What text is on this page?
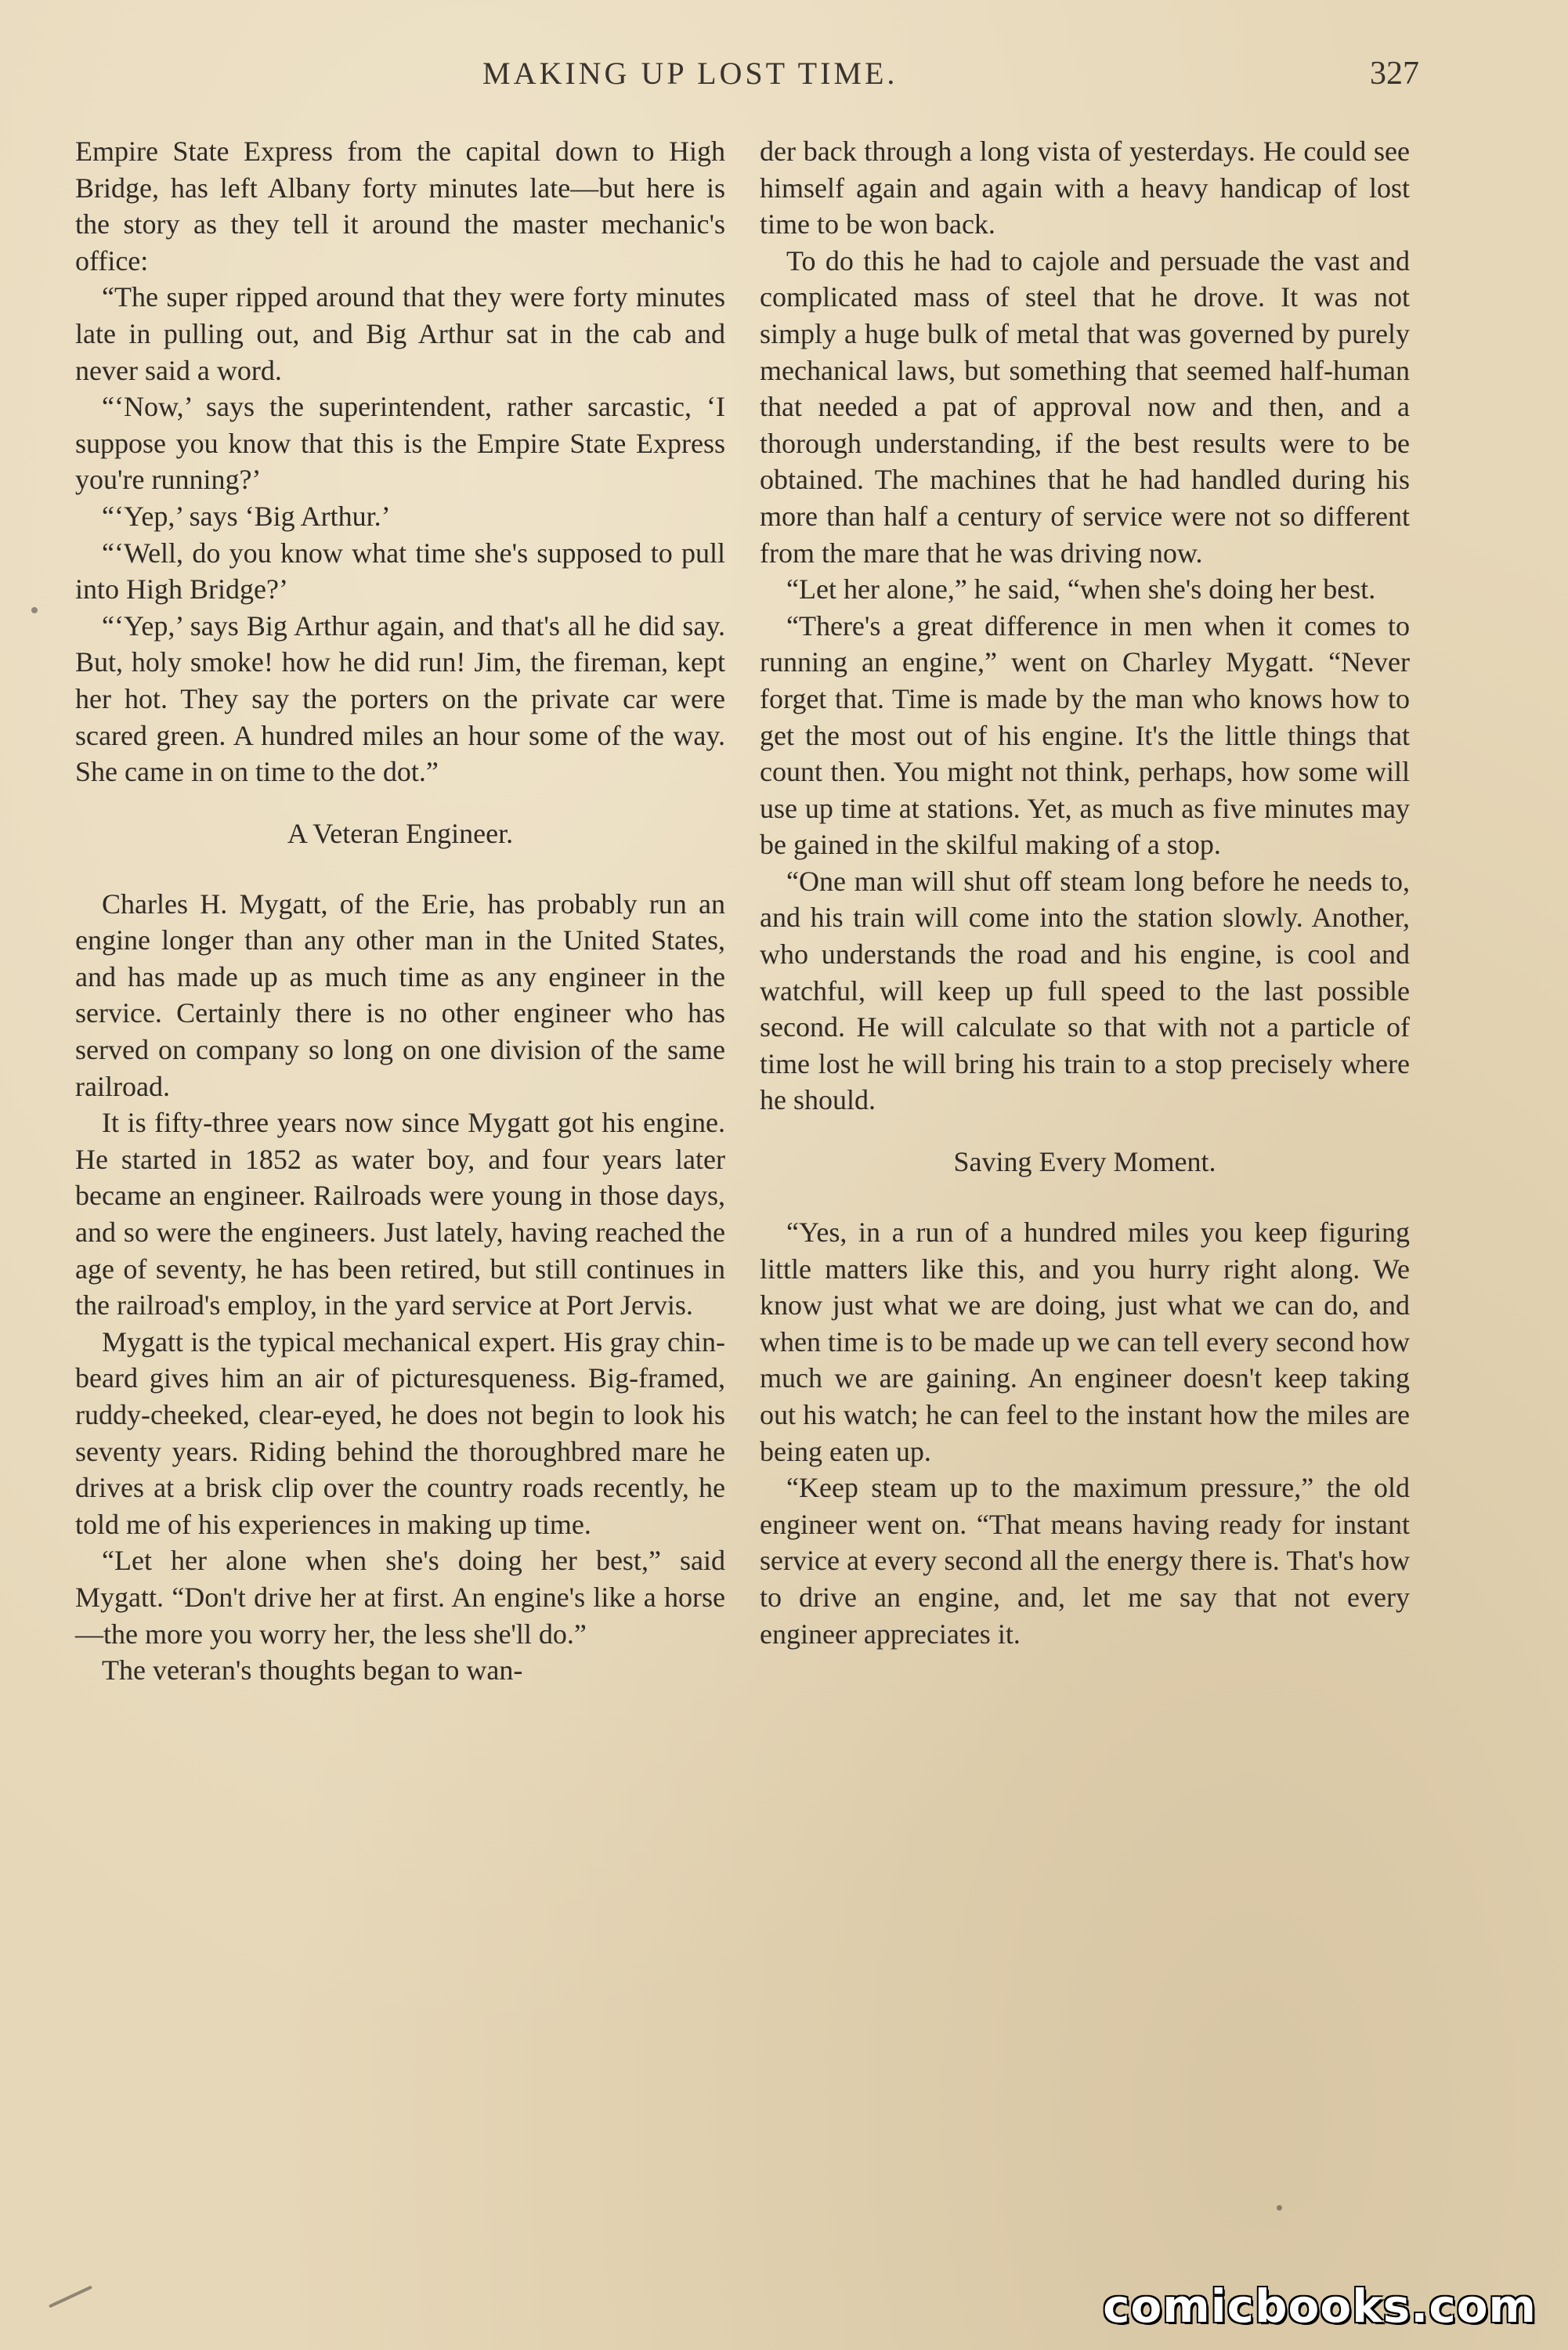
MAKING UP LOST TIME.	327

Empire State Express from the capital down to High Bridge, has left Albany forty minutes late—but here is the story as they tell it around the master mechanic's office:

“The super ripped around that they were forty minutes late in pulling out, and Big Arthur sat in the cab and never said a word.

“‘Now,’ says the superintendent, rather sarcastic, ‘I suppose you know that this is the Empire State Express you're running?’

“‘Yep,’ says ‘Big Arthur.’

“‘Well, do you know what time she's supposed to pull into High Bridge?’

“‘Yep,’ says Big Arthur again, and that's all he did say. But, holy smoke! how he did run! Jim, the fireman, kept her hot. They say the porters on the private car were scared green. A hundred miles an hour some of the way. She came in on time to the dot.”

A Veteran Engineer.

Charles H. Mygatt, of the Erie, has probably run an engine longer than any other man in the United States, and has made up as much time as any engineer in the service. Certainly there is no other engineer who has served on company so long on one division of the same railroad.

It is fifty-three years now since Mygatt got his engine. He started in 1852 as water boy, and four years later became an engineer. Railroads were young in those days, and so were the engineers. Just lately, having reached the age of seventy, he has been retired, but still continues in the railroad's employ, in the yard service at Port Jervis.

Mygatt is the typical mechanical expert. His gray chin-beard gives him an air of picturesqueness. Big-framed, ruddy-cheeked, clear-eyed, he does not begin to look his seventy years. Riding behind the thoroughbred mare he drives at a brisk clip over the country roads recently, he told me of his experiences in making up time.

“Let her alone when she's doing her best,” said Mygatt. “Don't drive her at first. An engine's like a horse—the more you worry her, the less she'll do.”

The veteran's thoughts began to wan-

der back through a long vista of yesterdays. He could see himself again and again with a heavy handicap of lost time to be won back.

To do this he had to cajole and persuade the vast and complicated mass of steel that he drove. It was not simply a huge bulk of metal that was governed by purely mechanical laws, but something that seemed half-human that needed a pat of approval now and then, and a thorough understanding, if the best results were to be obtained. The machines that he had handled during his more than half a century of service were not so different from the mare that he was driving now.

“Let her alone,” he said, “when she's doing her best.

“There's a great difference in men when it comes to running an engine,” went on Charley Mygatt. “Never forget that. Time is made by the man who knows how to get the most out of his engine. It's the little things that count then. You might not think, perhaps, how some will use up time at stations. Yet, as much as five minutes may be gained in the skilful making of a stop.

“One man will shut off steam long before he needs to, and his train will come into the station slowly. Another, who understands the road and his engine, is cool and watchful, will keep up full speed to the last possible second. He will calculate so that with not a particle of time lost he will bring his train to a stop precisely where he should.

Saving Every Moment.

“Yes, in a run of a hundred miles you keep figuring little matters like this, and you hurry right along. We know just what we are doing, just what we can do, and when time is to be made up we can tell every second how much we are gaining. An engineer doesn't keep taking out his watch; he can feel to the instant how the miles are being eaten up.

“Keep steam up to the maximum pressure,” the old engineer went on. “That means having ready for instant service at every second all the energy there is. That's how to drive an engine, and, let me say that not every engineer appreciates it.

comicbooks.com
